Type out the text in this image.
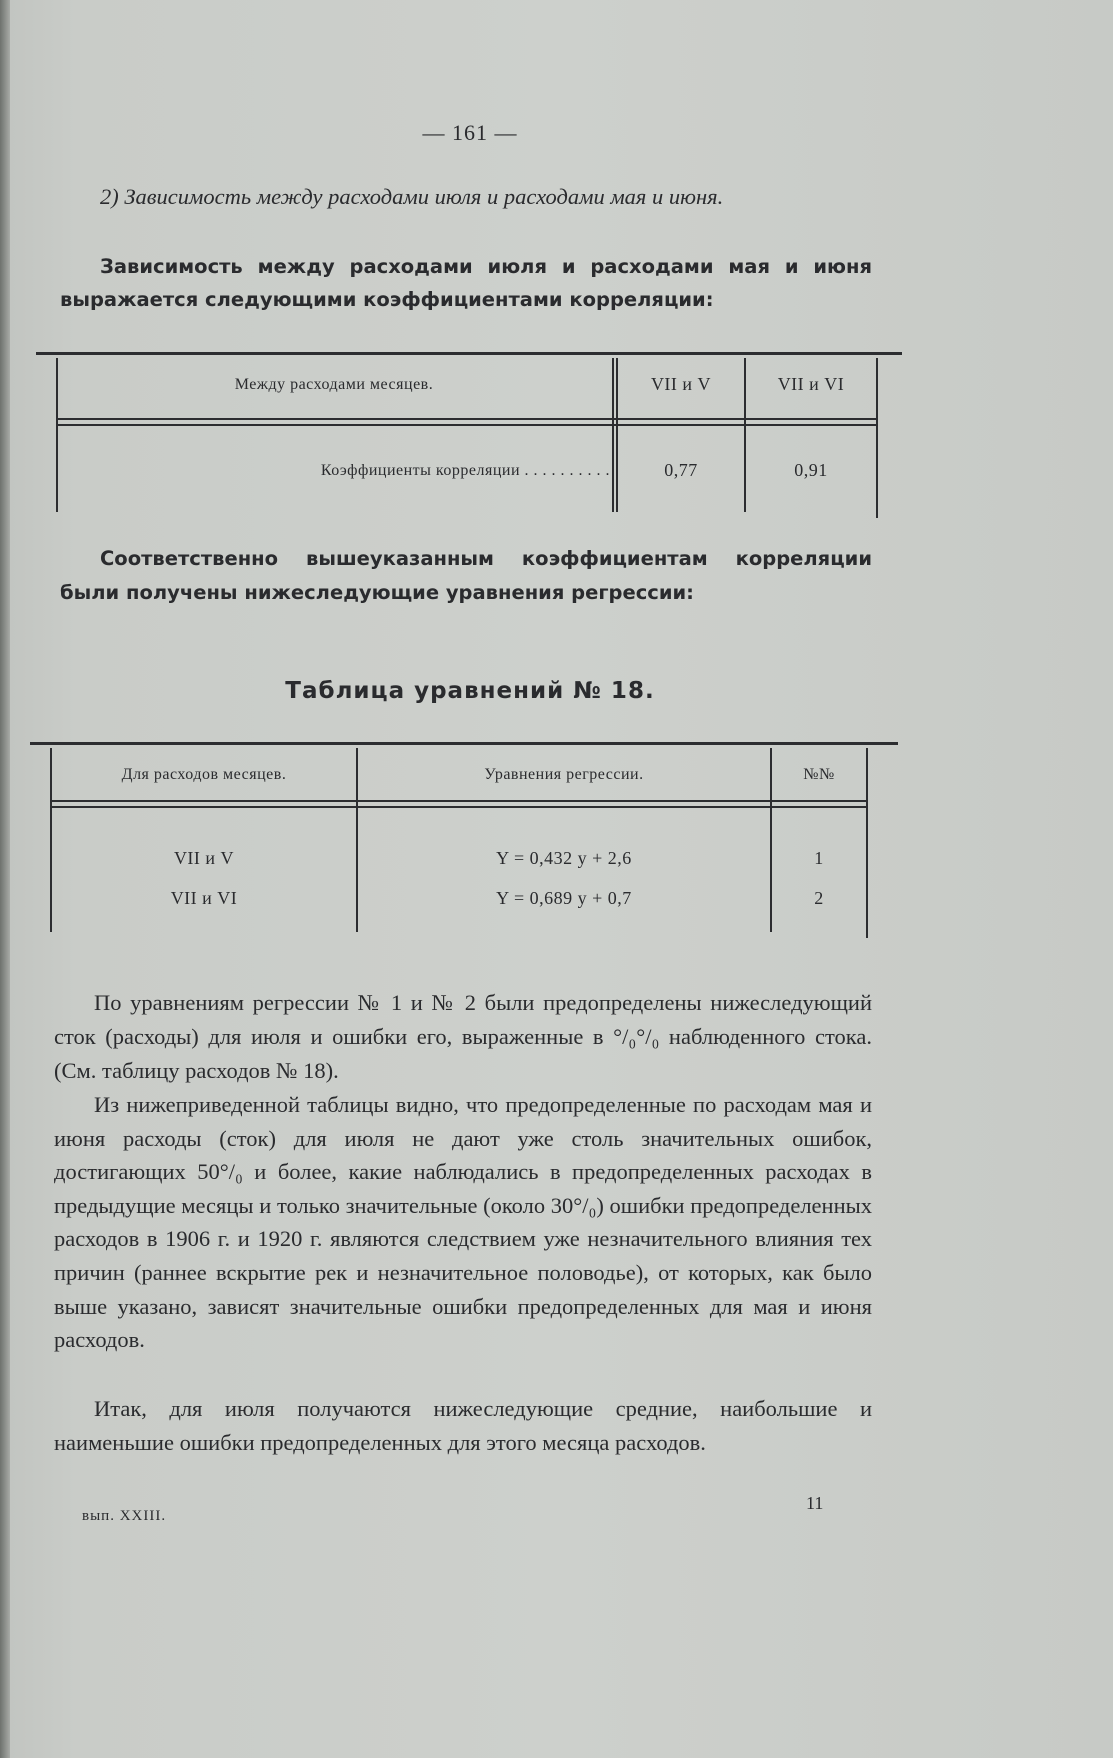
— 161 —
2) Зависимость между расходами июля и расходами мая и июня.
Зависимость между расходами июля и расходами мая и июня выражается следующими коэффициентами корреляции:
Между расходами месяцев.	VII и V	VII и VI
Коэффициенты корреляции . . . . . . . . . .	0,77	0,91
Соответственно вышеуказанным коэффициентам корреляции были получены нижеследующие уравнения регрессии:
Таблица уравнений № 18.
Для расходов месяцев.	Уравнения регрессии.	№№
VII и V	Y = 0,432 y + 2,6	1
VII и VI	Y = 0,689 y + 0,7	2
По уравнениям регрессии № 1 и № 2 были предопределены нижеследующий сток (расходы) для июля и ошибки его, выраженные в °/₀°/₀ наблюденного стока. (См. таблицу расходов № 18).
Из нижеприведенной таблицы видно, что предопределенные по расходам мая и июня расходы (сток) для июля не дают уже столь значительных ошибок, достигающих 50°/₀ и более, какие наблюдались в предопределенных расходах в предыдущие месяцы и только значительные (около 30°/₀) ошибки предопределенных расходов в 1906 г. и 1920 г. являются следствием уже незначительного влияния тех причин (раннее вскрытие рек и незначительное половодье), от которых, как было выше указано, зависят значительные ошибки предопределенных для мая и июня расходов.
Итак, для июля получаются нижеследующие средние, наибольшие и наименьшие ошибки предопределенных для этого месяца расходов.
вып. XXIII.
11
